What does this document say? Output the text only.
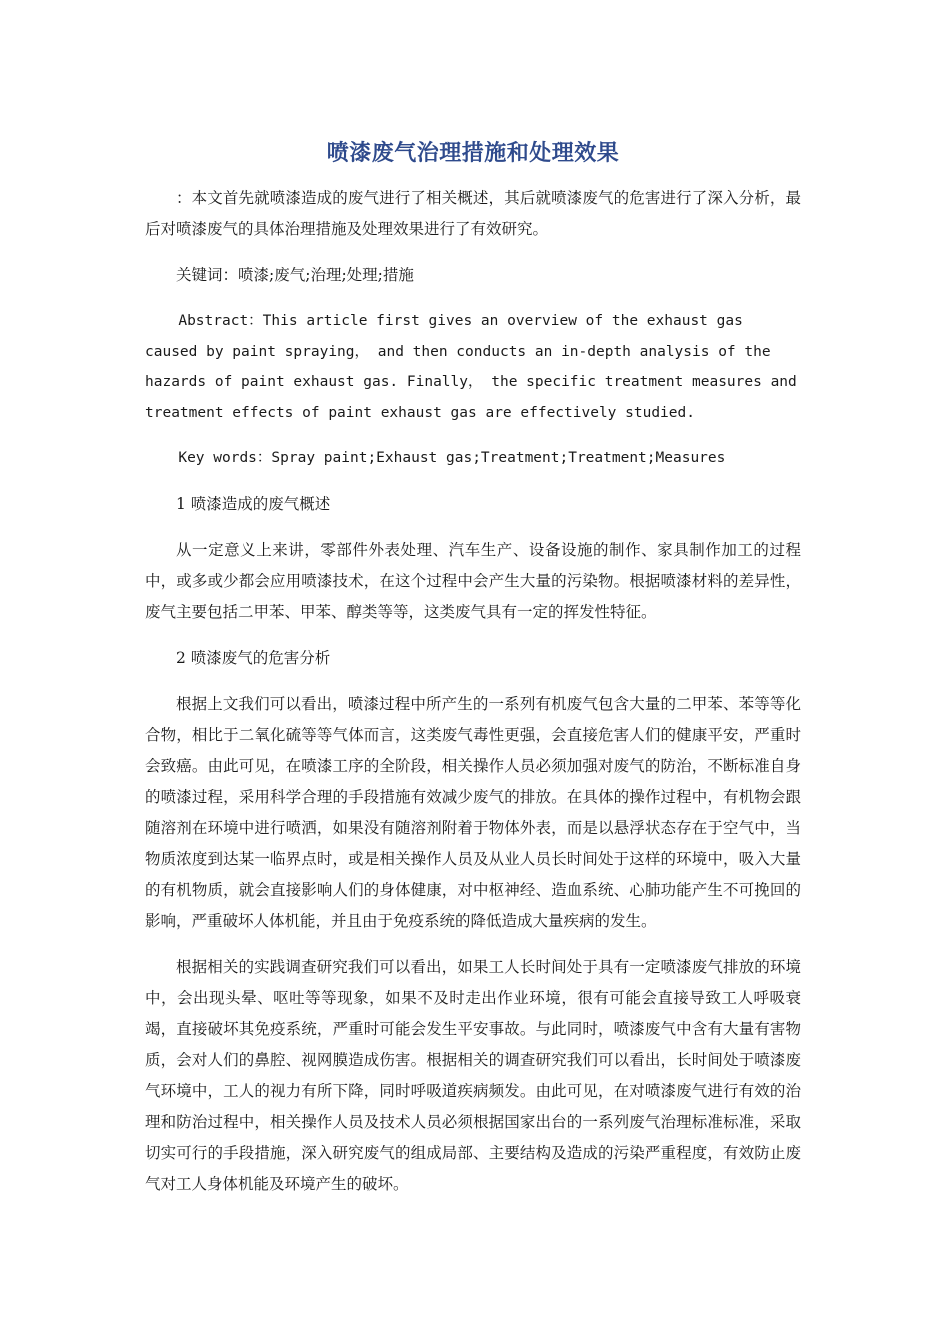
喷漆废气治理措施和处理效果

：本文首先就喷漆造成的废气进行了相关概述，其后就喷漆废气的危害进行了深入分析，最后对喷漆废气的具体治理措施及处理效果进行了有效研究。

关键词：喷漆;废气;治理;处理;措施

Abstract：This article first gives an overview of the exhaust gas caused by paint spraying， and then conducts an in-depth analysis of the hazards of paint exhaust gas. Finally， the specific treatment measures and treatment effects of paint exhaust gas are effectively studied.

Key words：Spray paint;Exhaust gas;Treatment;Treatment;Measures

1 喷漆造成的废气概述

从一定意义上来讲，零部件外表处理、汽车生产、设备设施的制作、家具制作加工的过程中，或多或少都会应用喷漆技术，在这个过程中会产生大量的污染物。根据喷漆材料的差异性，废气主要包括二甲苯、甲苯、醇类等等，这类废气具有一定的挥发性特征。

2 喷漆废气的危害分析

根据上文我们可以看出，喷漆过程中所产生的一系列有机废气包含大量的二甲苯、苯等等化合物，相比于二氧化硫等等气体而言，这类废气毒性更强，会直接危害人们的健康平安，严重时会致癌。由此可见，在喷漆工序的全阶段，相关操作人员必须加强对废气的防治，不断标准自身的喷漆过程，采用科学合理的手段措施有效减少废气的排放。在具体的操作过程中，有机物会跟随溶剂在环境中进行喷洒，如果没有随溶剂附着于物体外表，而是以悬浮状态存在于空气中，当物质浓度到达某一临界点时，或是相关操作人员及从业人员长时间处于这样的环境中，吸入大量的有机物质，就会直接影响人们的身体健康，对中枢神经、造血系统、心肺功能产生不可挽回的影响，严重破坏人体机能，并且由于免疫系统的降低造成大量疾病的发生。

根据相关的实践调查研究我们可以看出，如果工人长时间处于具有一定喷漆废气排放的环境中，会出现头晕、呕吐等等现象，如果不及时走出作业环境，很有可能会直接导致工人呼吸衰竭，直接破坏其免疫系统，严重时可能会发生平安事故。与此同时，喷漆废气中含有大量有害物质，会对人们的鼻腔、视网膜造成伤害。根据相关的调查研究我们可以看出，长时间处于喷漆废气环境中，工人的视力有所下降，同时呼吸道疾病频发。由此可见，在对喷漆废气进行有效的治理和防治过程中，相关操作人员及技术人员必须根据国家出台的一系列废气治理标准标准，采取切实可行的手段措施，深入研究废气的组成局部、主要结构及造成的污染严重程度，有效防止废气对工人身体机能及环境产生的破坏。
